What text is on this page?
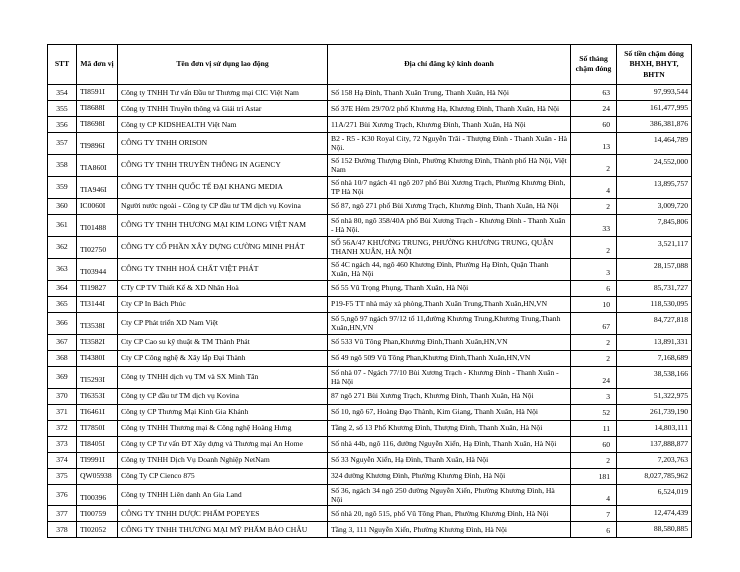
STT	Mã đơn vị	Tên đơn vị sử dụng lao động	Địa chỉ đăng ký kinh doanh	Số tháng chậm đóng	Số tiền chậm đóng BHXH, BHYT, BHTN
354	TI8591I	Công ty TNHH Tư vấn Đầu tư Thương mại CIC Việt Nam	Số 158 Hạ Đình, Thanh Xuân Trung, Thanh Xuân, Hà Nội	63	97,993,544
355	TI8688I	Công ty TNHH Truyền thông và Giải trí Astar	Số 37E Hẻm 29/70/2 phố Khương Hạ, Khương Đình, Thanh Xuân, Hà Nội	24	161,477,995
356	TI8698I	Công ty CP KIDSHEALTH Việt Nam	11A/271 Bùi Xương Trạch, Khương Đình, Thanh Xuân, Hà Nội	60	386,381,876
357	TI9896I	CÔNG TY TNHH ORISON	B2 - R5 - K30 Royal City, 72 Nguyễn Trãi - Thượng Đình - Thanh Xuân - Hà Nội.	13	14,464,789
358	TIA860I	CÔNG TY TNHH TRUYỀN THÔNG IN AGENCY	Số 152 Đường Thượng Đình, Phường Khương Đình, Thành phố Hà Nội, Việt Nam	2	24,552,000
359	TIA946I	CÔNG TY TNHH QUỐC TẾ ĐẠI KHANG MEDIA	Số nhà 10/7 ngách 41 ngõ 207 phố Bùi Xương Trạch, Phường Khương Đình, TP Hà Nội	4	13,895,757
360	IC0060I	Người nước ngoài - Công ty CP đầu tư TM dịch vụ Kovina	Số 87, ngõ 271 phố Bùi Xương Trạch, Khương Đình, Thanh Xuân, Hà Nội	2	3,009,720
361	TI01488	CÔNG TY TNHH THƯƠNG MẠI KIM LONG VIỆT NAM	Số nhà 80, ngõ 358/40A phố Bùi Xương Trạch - Khương Đình - Thanh Xuân - Hà Nội.	33	7,845,806
362	TI02750	CÔNG TY CỔ PHẦN XÂY DỰNG CƯỜNG MINH PHÁT	SỐ 56A/47 KHƯƠNG TRUNG, PHƯỜNG KHƯƠNG TRUNG, QUẬN THANH XUÂN, HÀ NỘI	2	3,521,117
363	TI03944	CÔNG TY TNHH HOÁ CHẤT VIỆT PHÁT	Số 4C ngách 44, ngõ 460 Khương Đình, Phường Hạ Đình, Quận Thanh Xuân, Hà Nội	3	28,157,088
364	TI19827	CTy CP TV Thiết Kế & XD Nhân Hoà	Số 55 Vũ Trọng Phụng, Thanh Xuân, Hà Nội	6	85,731,727
365	TI3144I	Cty CP In Bách Phúc	P19-F5 TT nhà máy xà phòng,Thanh Xuân Trung,Thanh Xuân,HN,VN	10	118,530,095
366	TI3538I	Cty CP Phát triển XD Nam Việt	Số 5,ngõ 97 ngách 97/12 tổ 11,đường Khương Trung,Khương Trung,Thanh Xuân,HN,VN	67	84,727,818
367	TI3582I	Cty CP Cao su kỹ thuật & TM Thành Phát	Số 533 Vũ Tông Phan,Khương Đình,Thanh Xuân,HN,VN	2	13,891,331
368	TI4380I	Cty CP Công nghệ & Xây lắp Đại Thành	Số 49 ngõ 509 Vũ Tông Phan,Khương Đình,Thanh Xuân,HN,VN	2	7,168,689
369	TI5293I	Công ty TNHH dịch vụ TM và SX Minh Tân	Số nhà 07 - Ngách 77/10 Bùi Xương Trạch - Khương Đình - Thanh Xuân - Hà Nội	24	38,538,166
370	TI6353I	Công ty CP đầu tư TM dịch vụ Kovina	87 ngõ 271 Bùi Xương Trạch, Khương Đình, Thanh Xuân, Hà Nội	3	51,322,975
371	TI6461I	Công ty CP Thương Mại Kinh Gia Khánh	Số 10, ngõ 67, Hoàng Đạo Thành, Kim Giang, Thanh Xuân, Hà Nội	52	261,739,190
372	TI7850I	Công ty TNHH Thương mại & Công nghệ Hoàng Hưng	Tầng 2, số 13 Phố Khương Đình, Thượng Đình, Thanh Xuân, Hà Nội	11	14,803,111
373	TI8405I	Công ty CP Tư vấn ĐT Xây dựng và Thương mại An Home	Số nhà 44b, ngõ 116, đường Nguyễn Xiển, Hạ Đình, Thanh Xuân, Hà Nội	60	137,888,877
374	TI9991I	Công ty TNHH Dịch Vụ Doanh Nghiệp NetNam	Số 33 Nguyễn Xiển, Hạ Đình, Thanh Xuân, Hà Nội	2	7,203,763
375	QW05938	Công Ty CP Cienco 875	324 đường Khương Đình, Phường Khương Đình, Hà Nội	181	8,027,785,962
376	TI00396	Công ty TNHH Liên danh An Gia Land	Số 36, ngách 34 ngõ 250 đường Nguyễn Xiển, Phường Khương Đình, Hà Nội	4	6,524,019
377	TI00759	CÔNG TY TNHH DƯỢC PHẨM POPEYES	Số nhà 20, ngõ 515, phố Vũ Tông Phan, Phường Khương Đình, Hà Nội	7	12,474,439
378	TI02052	CÔNG TY TNHH THƯƠNG MẠI MỸ PHẨM BẢO CHÂU	Tầng 3, 111 Nguyễn Xiển, Phường Khương Đình, Hà Nội	6	88,580,885
